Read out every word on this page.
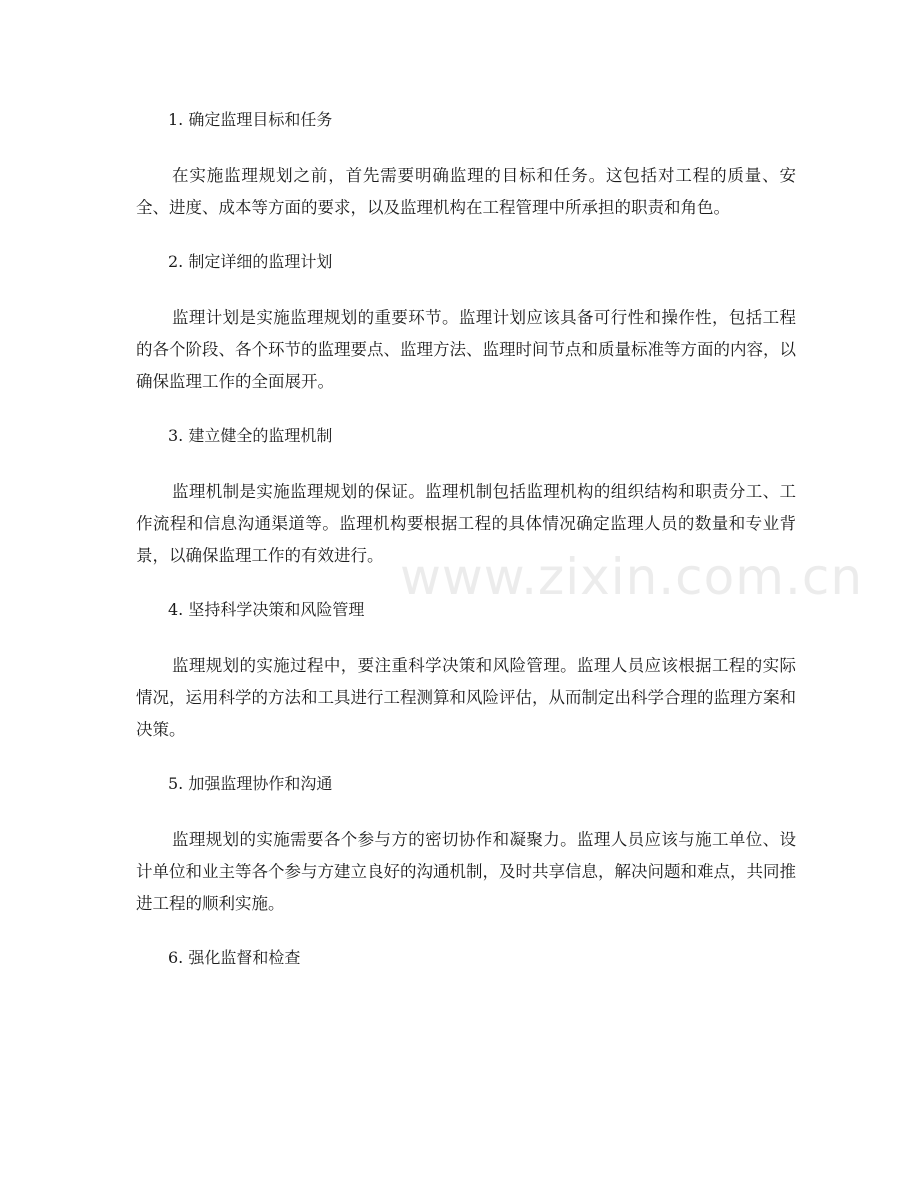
1. 确定监理目标和任务

在实施监理规划之前，首先需要明确监理的目标和任务。这包括对工程的质量、安全、进度、成本等方面的要求，以及监理机构在工程管理中所承担的职责和角色。

2. 制定详细的监理计划

监理计划是实施监理规划的重要环节。监理计划应该具备可行性和操作性，包括工程的各个阶段、各个环节的监理要点、监理方法、监理时间节点和质量标准等方面的内容，以确保监理工作的全面展开。

3. 建立健全的监理机制

监理机制是实施监理规划的保证。监理机制包括监理机构的组织结构和职责分工、工作流程和信息沟通渠道等。监理机构要根据工程的具体情况确定监理人员的数量和专业背景，以确保监理工作的有效进行。

4. 坚持科学决策和风险管理

监理规划的实施过程中，要注重科学决策和风险管理。监理人员应该根据工程的实际情况，运用科学的方法和工具进行工程测算和风险评估，从而制定出科学合理的监理方案和决策。

5. 加强监理协作和沟通

监理规划的实施需要各个参与方的密切协作和凝聚力。监理人员应该与施工单位、设计单位和业主等各个参与方建立良好的沟通机制，及时共享信息，解决问题和难点，共同推进工程的顺利实施。

6. 强化监督和检查

www.zixin.com.cn
